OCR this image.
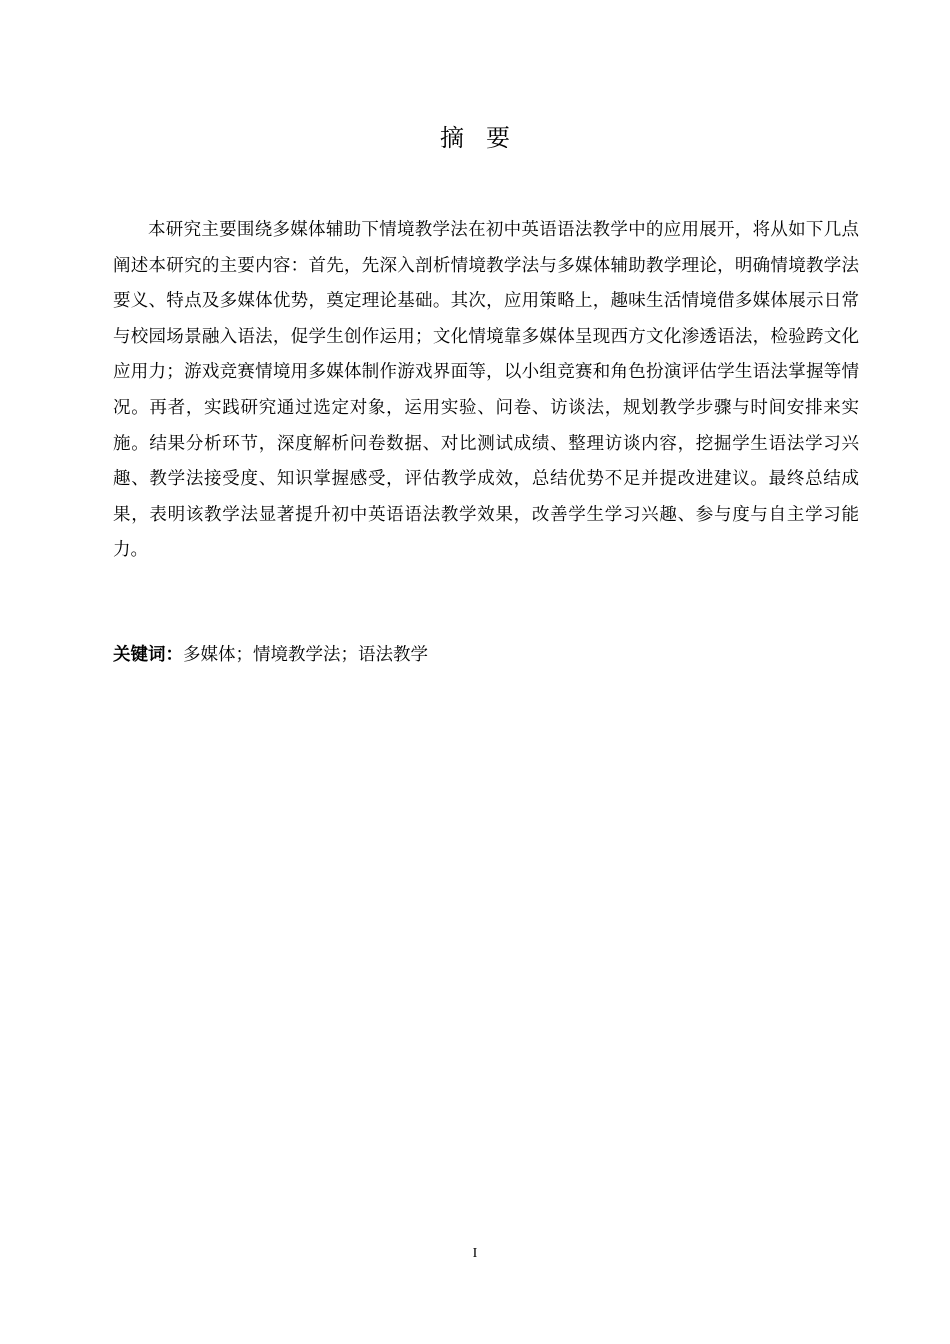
摘要

本研究主要围绕多媒体辅助下情境教学法在初中英语语法教学中的应用展开，将从如下几点阐述本研究的主要内容：首先，先深入剖析情境教学法与多媒体辅助教学理论，明确情境教学法要义、特点及多媒体优势，奠定理论基础。其次，应用策略上，趣味生活情境借多媒体展示日常与校园场景融入语法，促学生创作运用；文化情境靠多媒体呈现西方文化渗透语法，检验跨文化应用力；游戏竞赛情境用多媒体制作游戏界面等，以小组竞赛和角色扮演评估学生语法掌握等情况。再者，实践研究通过选定对象，运用实验、问卷、访谈法，规划教学步骤与时间安排来实施。结果分析环节，深度解析问卷数据、对比测试成绩、整理访谈内容，挖掘学生语法学习兴趣、教学法接受度、知识掌握感受，评估教学成效，总结优势不足并提改进建议。最终总结成果，表明该教学法显著提升初中英语语法教学效果，改善学生学习兴趣、参与度与自主学习能力。

关键词：多媒体；情境教学法；语法教学
I
